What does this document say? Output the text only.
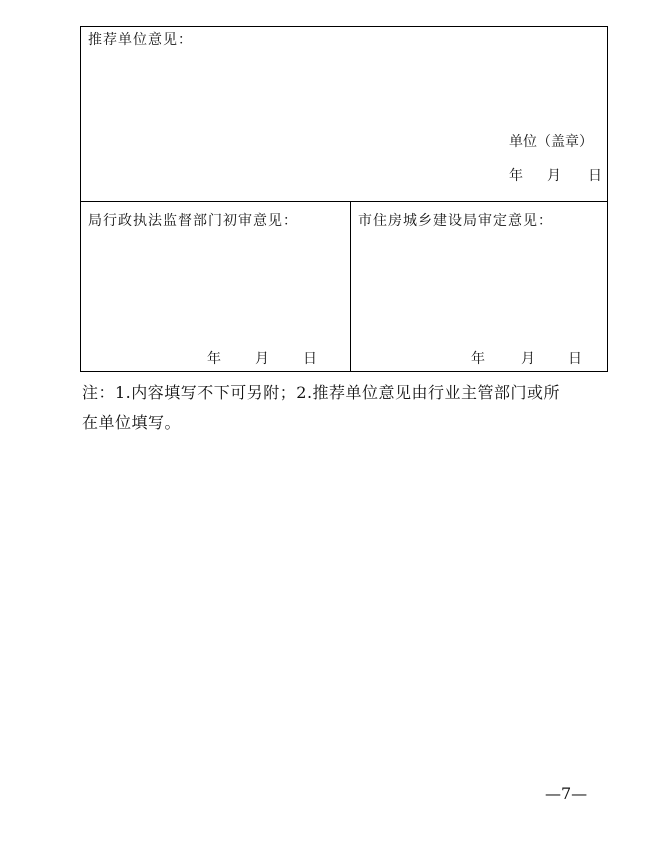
推荐单位意见：
单位（盖章）
年 月 日
局行政执法监督部门初审意见：
年 月 日
市住房城乡建设局审定意见：
年	月 日
注：1.内容填写不下可另附；2.推荐单位意见由行业主管部门或所
在单位填写。
—7—
